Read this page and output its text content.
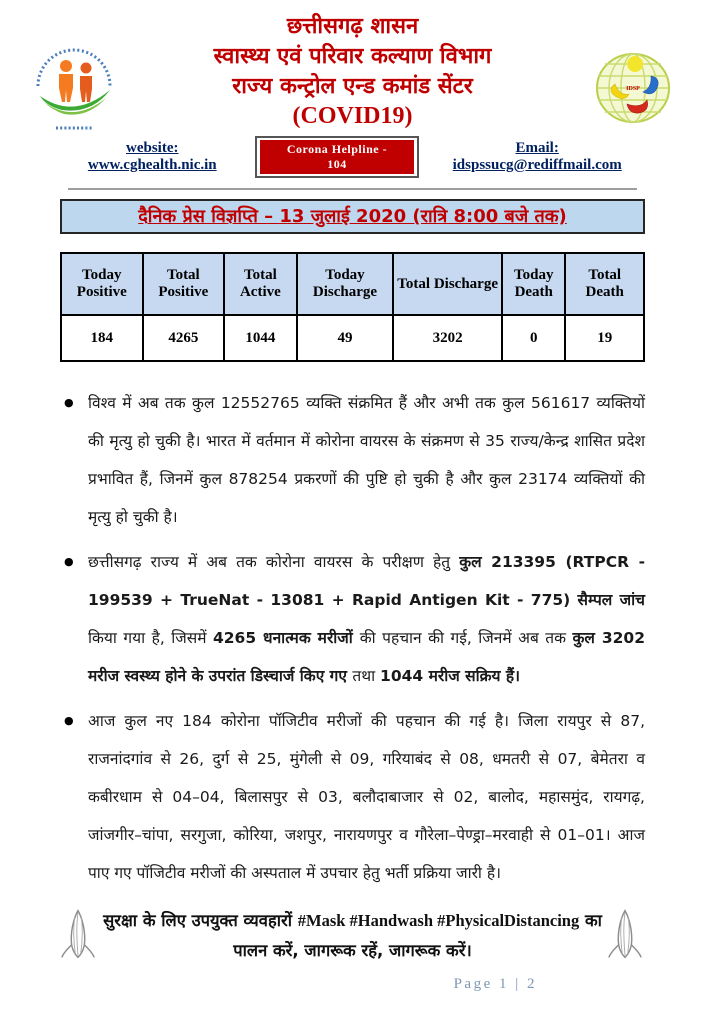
IDSP
छत्तीसगढ़ शासन
स्वास्थ्य एवं परिवार कल्याण विभाग
राज्य कन्ट्रोल एन्ड कमांड सेंटर
(COVID19)
website: www.cghealth.nic.in
Corona Helpline - 104
Email: idspssucg@rediffmail.com
दैनिक प्रेस विज्ञप्ति – 13 जुलाई 2020 (रात्रि 8:00 बजे तक)
Today Positive	Total Positive	Total Active	Today Discharge	Total Discharge	Today Death	Total Death
184	4265	1044	49	3202	0	19
● विश्व में अब तक कुल 12552765 व्यक्ति संक्रमित हैं और अभी तक कुल 561617 व्यक्तियों की मृत्यु हो चुकी है। भारत में वर्तमान में कोरोना वायरस के संक्रमण से 35 राज्य/केन्द्र शासित प्रदेश प्रभावित हैं, जिनमें कुल 878254 प्रकरणों की पुष्टि हो चुकी है और कुल 23174 व्यक्तियों की मृत्यु हो चुकी है।
● छत्तीसगढ़ राज्य में अब तक कोरोना वायरस के परीक्षण हेतु कुल 213395 (RTPCR - 199539 + TrueNat - 13081 + Rapid Antigen Kit - 775) सैम्पल जांच किया गया है, जिसमें 4265 धनात्मक मरीजों की पहचान की गई, जिनमें अब तक कुल 3202 मरीज स्वस्थ्य होने के उपरांत डिस्चार्ज किए गए तथा 1044 मरीज सक्रिय हैं।
● आज कुल नए 184 कोरोना पॉजिटीव मरीजों की पहचान की गई है। जिला रायपुर से 87, राजनांदगांव से 26, दुर्ग से 25, मुंगेली से 09, गरियाबंद से 08, धमतरी से 07, बेमेतरा व कबीरधाम से 04–04, बिलासपुर से 03, बलौदाबाजार से 02, बालोद, महासमुंद, रायगढ़, जांजगीर–चांपा, सरगुजा, कोरिया, जशपुर, नारायणपुर व गौरेला–पेण्ड्रा–मरवाही से 01–01। आज पाए गए पॉजिटीव मरीजों की अस्पताल में उपचार हेतु भर्ती प्रक्रिया जारी है।
सुरक्षा के लिए उपयुक्त व्यवहारों #Mask #Handwash #PhysicalDistancing का पालन करें, जागरूक रहें, जागरूक करें।
Page 1 | 2
